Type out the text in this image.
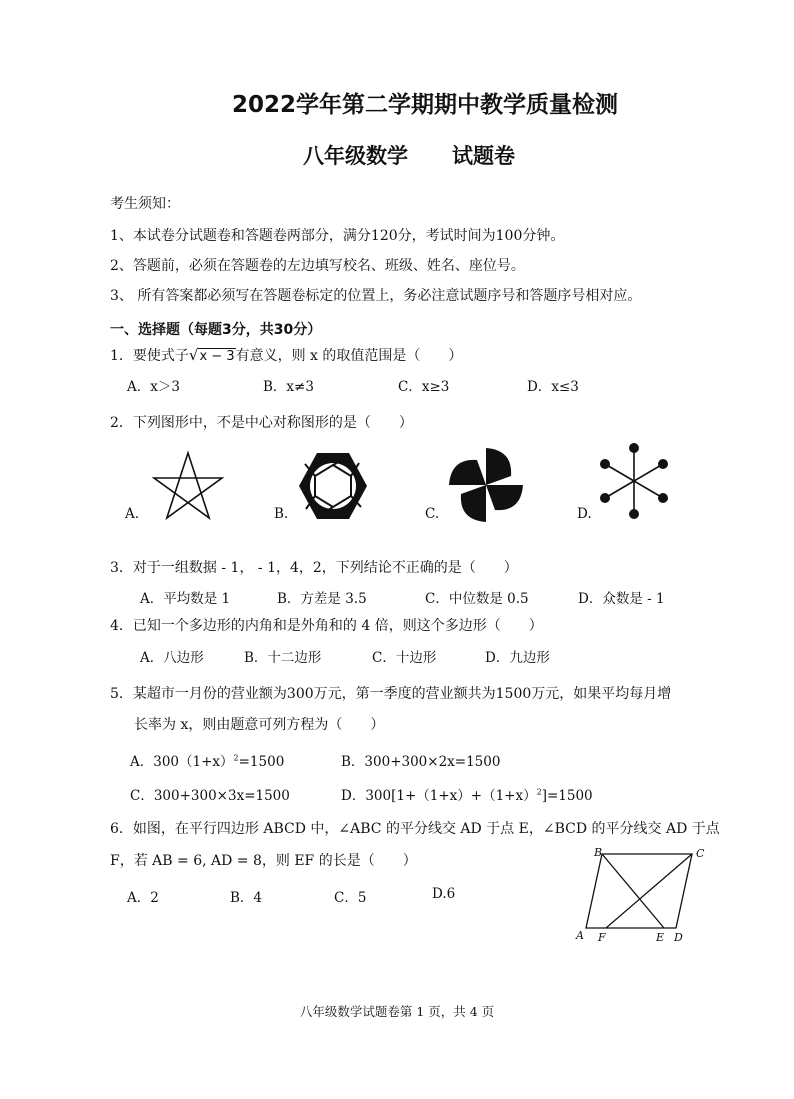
2022学年第二学期期中教学质量检测
八年级数学 试题卷
考生须知：
1、本试卷分试题卷和答题卷两部分，满分120分，考试时间为100分钟。
2、答题前，必须在答题卷的左边填写校名、班级、姓名、座位号。
3、 所有答案都必须写在答题卷标定的位置上，务必注意试题序号和答题序号相对应。
一、选择题（每题3分，共30分）
1．要使式子√x − 3有意义，则 x 的取值范围是（　　）
A．x＞3	B．x≠3	C．x≥3	D．x≤3
2．下列图形中，不是中心对称图形的是（　　）
A.	B.	C.	D.
3．对于一组数据 - 1， - 1，4，2，下列结论不正确的是（　　）
A．平均数是 1	B．方差是 3.5	C．中位数是 0.5	D．众数是 - 1
4．已知一个多边形的内角和是外角和的 4 倍，则这个多边形（　　）
A．八边形	B．十二边形	C．十边形	D．九边形
5．某超市一月份的营业额为300万元，第一季度的营业额共为1500万元，如果平均每月增
长率为 x，则由题意可列方程为（　　）
A．$300(1+x)^2=1500$	B．300+300×2x=1500
C．300+300×3x=1500	D．$300[1+(1+x)+(1+x)^2]=1500$
6．如图，在平行四边形 ABCD 中，∠ABC 的平分线交 AD 于点 E，∠BCD 的平分线交 AD 于点
F，若 AB = 6, AD = 8，则 EF 的长是（　　）
A．2	B．4	C．5	D.6
B	C
A F	E D
八年级数学试题卷第 1 页，共 4 页
